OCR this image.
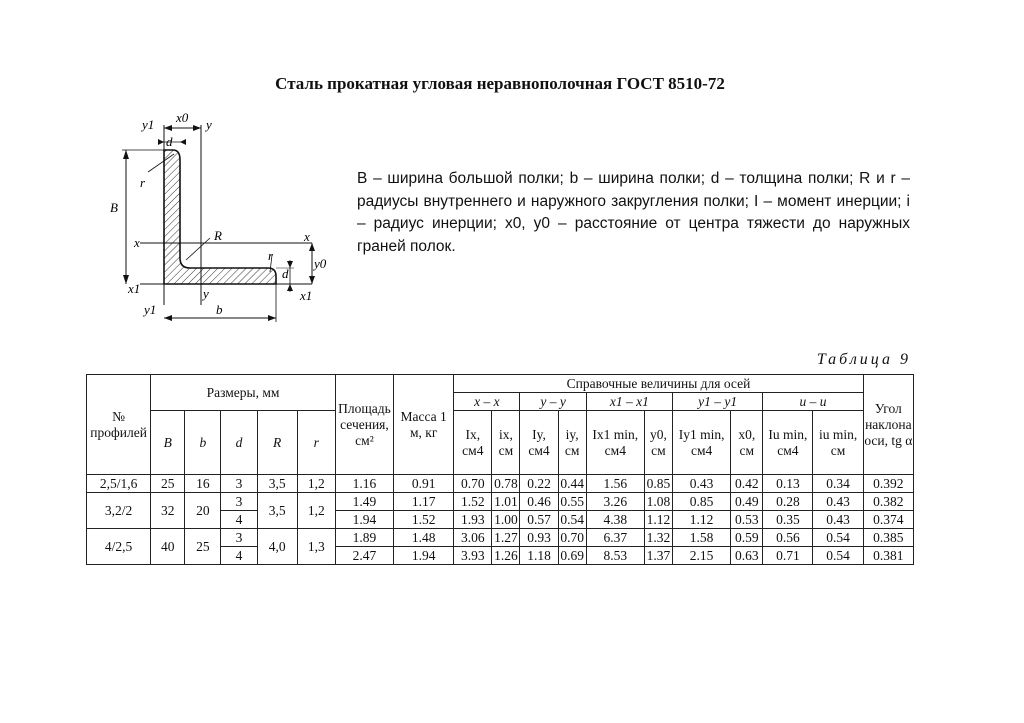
Сталь прокатная угловая неравнополочная ГОСТ 8510-72
y1 x0 y
d
r
B
x	R	x
y0
d
r
x1	x1
y
y1	b
B – ширина большой полки; b – ширина полки; d – толщина полки; R и r – радиусы внутреннего и наружного закругления полки; I – момент инерции; i – радиус инерции; x0, y0 – расстояние от центра тяжести до наружных граней полок.
Таблица 9
№ профилей	Размеры, мм					Площадь сечения, см²	Масса 1 м, кг	Справочные величины для осей										Угол наклона оси, tg α
								x – x		y – y		x1 – x1		y1 – y1		u – u		
	B	b	d	R	r			Ix, см4	ix, см	Iy, см4	iy, см	Ix1 min, см4	y0, см	Iy1 min, см4	x0, см	Iu min, см4	iu min, см	
2,5/1,6	25	16	3	3,5	1,2	1.16	0.91	0.70	0.78	0.22	0.44	1.56	0.85	0.43	0.42	0.13	0.34	0.392
3,2/2	32	20	3	3,5	1,2	1.49	1.17	1.52	1.01	0.46	0.55	3.26	1.08	0.85	0.49	0.28	0.43	0.382
			4			1.94	1.52	1.93	1.00	0.57	0.54	4.38	1.12	1.12	0.53	0.35	0.43	0.374
4/2,5	40	25	3	4,0	1,3	1.89	1.48	3.06	1.27	0.93	0.70	6.37	1.32	1.58	0.59	0.56	0.54	0.385
			4			2.47	1.94	3.93	1.26	1.18	0.69	8.53	1.37	2.15	0.63	0.71	0.54	0.381
